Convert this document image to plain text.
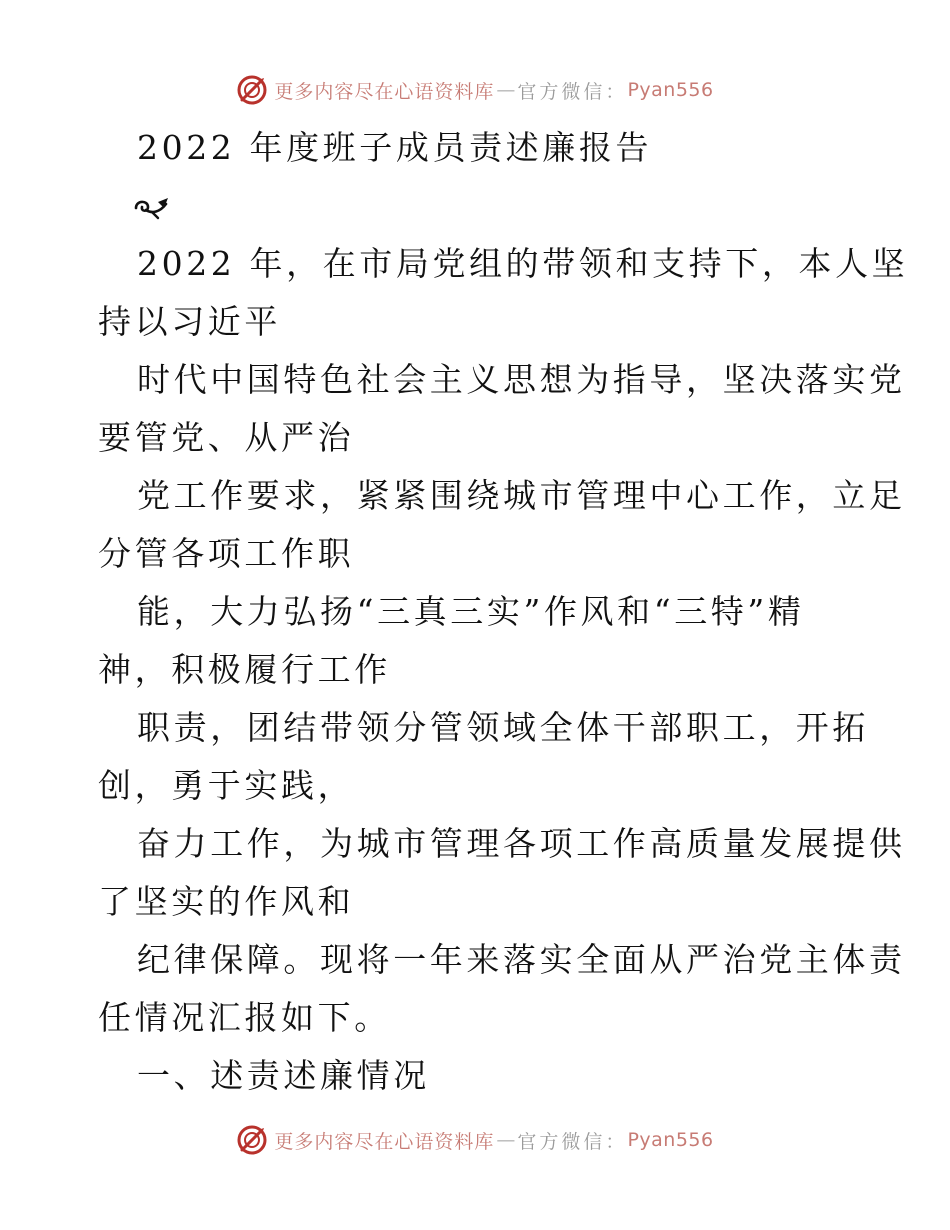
更多内容尽在心语资料库 — 官方微信： Pyan556
2022 年度班子成员责述廉报告

2022 年，在市局党组的带领和支持下，本人坚

持以习近平

时代中国特色社会主义思想为指导，坚决落实党

要管党、从严治

党工作要求，紧紧围绕城市管理中心工作，立足

分管各项工作职

能，大力弘扬“三真三实”作风和“三特”精

神，积极履行工作

职责，团结带领分管领域全体干部职工，开拓

创，勇于实践，

奋力工作，为城市管理各项工作高质量发展提供

了坚实的作风和

纪律保障。现将一年来落实全面从严治党主体责

任情况汇报如下。

一、述责述廉情况
更多内容尽在心语资料库 — 官方微信： Pyan556
